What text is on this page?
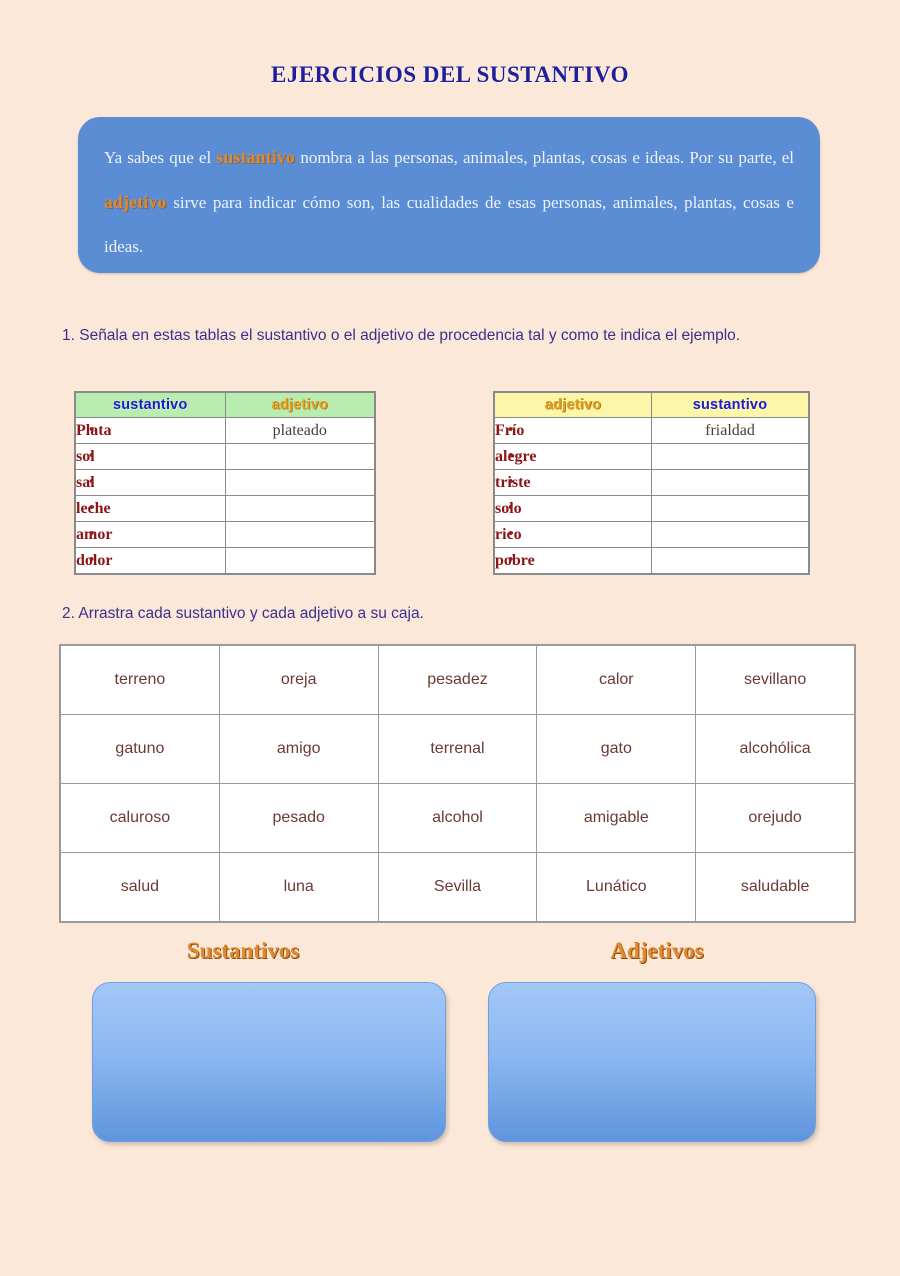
EJERCICIOS DEL SUSTANTIVO
Ya sabes que el sustantivo nombra a las personas, animales, plantas, cosas e ideas. Por su parte, el adjetivo sirve para indicar cómo son, las cualidades de esas personas, animales, plantas, cosas e ideas.
1. Señala en estas tablas el sustantivo o el adjetivo de procedencia tal y como te indica el ejemplo.
sustantivo	adjetivo
• Plata	plateado
• sol	
• sal	
• leche	
• amor	
• dolor	
adjetivo	sustantivo
• Frío	frialdad
• alegre	
• triste	
• solo	
• rico	
• pobre	
2. Arrastra cada sustantivo y cada adjetivo a su caja.
terreno	oreja	pesadez	calor	sevillano
gatuno	amigo	terrenal	gato	alcohólica
caluroso	pesado	alcohol	amigable	orejudo
salud	luna	Sevilla	Lunático	saludable
Sustantivos	Adjetivos
